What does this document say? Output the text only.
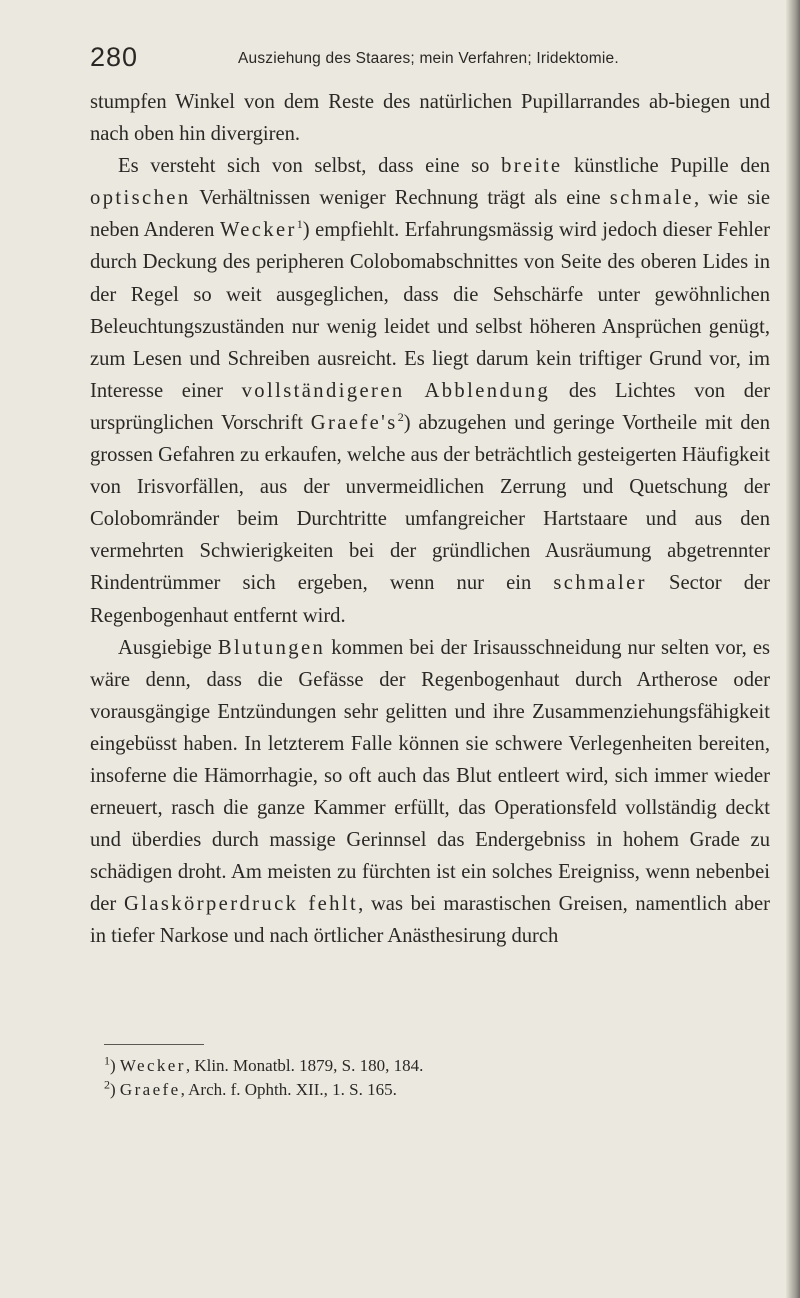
280	Ausziehung des Staares; mein Verfahren; Iridektomie.

stumpfen Winkel von dem Reste des natürlichen Pupillarrandes ab-biegen und nach oben hin divergiren.

Es versteht sich von selbst, dass eine so breite künstliche Pupille den optischen Verhältnissen weniger Rechnung trägt als eine schmale, wie sie neben Anderen Wecker$^1$) empfiehlt. Erfahrungsmässig wird jedoch dieser Fehler durch Deckung des peripheren Colobomabschnittes von Seite des oberen Lides in der Regel so weit ausgeglichen, dass die Sehschärfe unter gewöhnlichen Beleuchtungszuständen nur wenig leidet und selbst höheren Ansprüchen genügt, zum Lesen und Schreiben ausreicht. Es liegt darum kein triftiger Grund vor, im Interesse einer vollständigeren Abblendung des Lichtes von der ursprünglichen Vorschrift $Graefe's^2$) abzugehen und geringe Vortheile mit den grossen Gefahren zu erkaufen, welche aus der beträchtlich gesteigerten Häufigkeit von Irisvorfällen, aus der unvermeidlichen Zerrung und Quetschung der Colobomränder beim Durchtritte umfangreicher Hartstaare und aus den vermehrten Schwierigkeiten bei der gründlichen Ausräumung abgetrennter Rindentrümmer sich ergeben, wenn nur ein schmaler Sector der Regenbogenhaut entfernt wird.

Ausgiebige Blutungen kommen bei der Irisausschneidung nur selten vor, es wäre denn, dass die Gefässe der Regenbogenhaut durch Artherose oder vorausgängige Entzündungen sehr gelitten und ihre Zusammenziehungsfähigkeit eingebüsst haben. In letzterem Falle können sie schwere Verlegenheiten bereiten, insoferne die Hämorrhagie, so oft auch das Blut entleert wird, sich immer wieder erneuert, rasch die ganze Kammer erfüllt, das Operationsfeld vollständig deckt und überdies durch massige Gerinnsel das Endergebniss in hohem Grade zu schädigen droht. Am meisten zu fürchten ist ein solches Ereigniss, wenn nebenbei der Glaskörperdruck fehlt, was bei marastischen Greisen, namentlich aber in tiefer Narkose und nach örtlicher Anästhesirung durch

$^1$) Wecker, Klin. Monatbl. 1879, S. 180, 184.
$^2$) Graefe, Arch. f. Ophth. XII., 1. S. 165.
